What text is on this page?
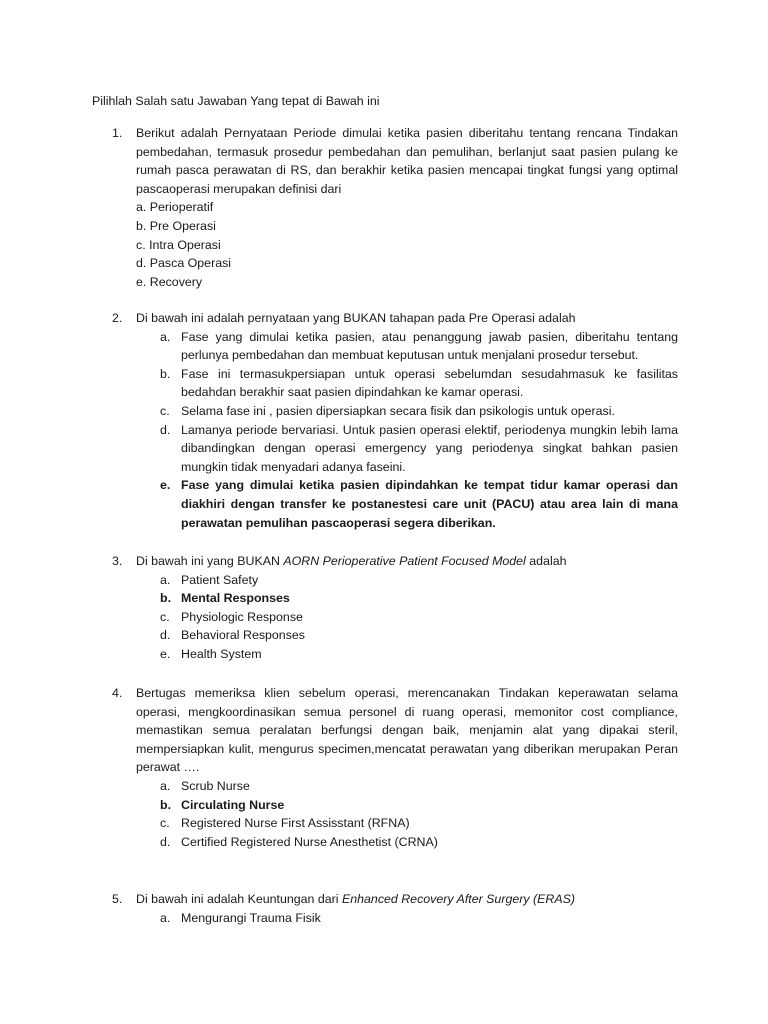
Pilihlah Salah satu Jawaban Yang tepat di Bawah ini
1. Berikut adalah Pernyataan Periode dimulai ketika pasien diberitahu tentang rencana Tindakan pembedahan, termasuk prosedur pembedahan dan pemulihan, berlanjut saat pasien pulang ke rumah pasca perawatan di RS, dan berakhir ketika pasien mencapai tingkat fungsi yang optimal pascaoperasi merupakan definisi dari
a. Perioperatif
b. Pre Operasi
c. Intra Operasi
d. Pasca Operasi
e. Recovery
2. Di bawah ini adalah pernyataan yang BUKAN tahapan pada Pre Operasi adalah
a. Fase yang dimulai ketika pasien, atau penanggung jawab pasien, diberitahu tentang perlunya pembedahan dan membuat keputusan untuk menjalani prosedur tersebut.
b. Fase ini termasukpersiapan untuk operasi sebelumdan sesudahmasuk ke fasilitas bedahdan berakhir saat pasien dipindahkan ke kamar operasi.
c. Selama fase ini , pasien dipersiapkan secara fisik dan psikologis untuk operasi.
d. Lamanya periode bervariasi. Untuk pasien operasi elektif, periodenya mungkin lebih lama dibandingkan dengan operasi emergency yang periodenya singkat bahkan pasien mungkin tidak menyadari adanya faseini.
e. Fase yang dimulai ketika pasien dipindahkan ke tempat tidur kamar operasi dan diakhiri dengan transfer ke postanestesi care unit (PACU) atau area lain di mana perawatan pemulihan pascaoperasi segera diberikan.
3. Di bawah ini yang BUKAN AORN Perioperative Patient Focused Model adalah
a. Patient Safety
b. Mental Responses
c. Physiologic Response
d. Behavioral Responses
e. Health System
4. Bertugas memeriksa klien sebelum operasi, merencanakan Tindakan keperawatan selama operasi, mengkoordinasikan semua personel di ruang operasi, memonitor cost compliance, memastikan semua peralatan berfungsi dengan baik, menjamin alat yang dipakai steril, mempersiapkan kulit, mengurus specimen,mencatat perawatan yang diberikan merupakan Peran perawat ….
a. Scrub Nurse
b. Circulating Nurse
c. Registered Nurse First Assisstant (RFNA)
d. Certified Registered Nurse Anesthetist (CRNA)
5. Di bawah ini adalah Keuntungan dari Enhanced Recovery After Surgery (ERAS)
a. Mengurangi Trauma Fisik
